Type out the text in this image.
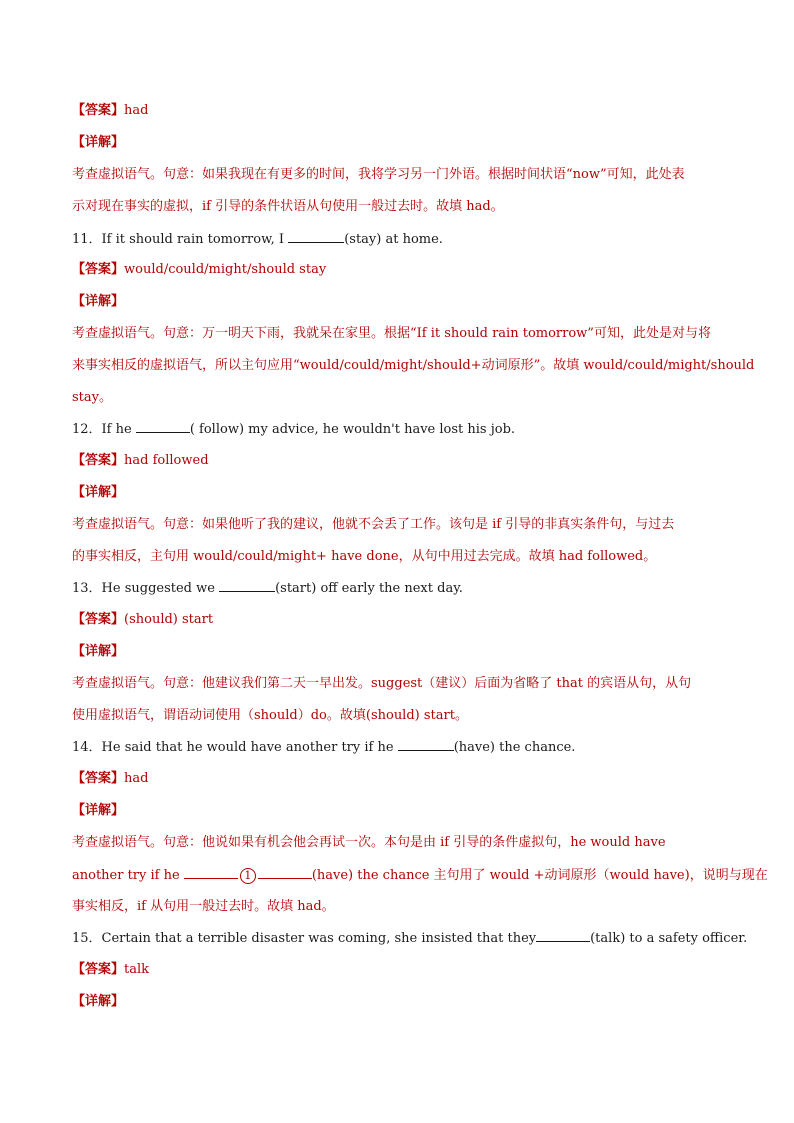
【答案】had
【详解】
考查虚拟语气。句意：如果我现在有更多的时间，我将学习另一门外语。根据时间状语“now”可知，此处表
示对现在事实的虚拟，if 引导的条件状语从句使用一般过去时。故填 had。
11．If it should rain tomorrow, I	(stay) at home.
【答案】would/could/might/should stay
【详解】
考查虚拟语气。句意：万一明天下雨，我就呆在家里。根据“If it should rain tomorrow”可知，此处是对与将
来事实相反的虚拟语气，所以主句应用“would/could/might/should+动词原形”。故填 would/could/might/should
stay。
12．If he	( follow) my advice, he wouldn't have lost his job.
【答案】had followed
【详解】
考查虚拟语气。句意：如果他听了我的建议，他就不会丢了工作。该句是 if 引导的非真实条件句，与过去
的事实相反，主句用 would/could/might+ have done，从句中用过去完成。故填 had followed。
13．He suggested we	(start) off early the next day.
【答案】(should) start
【详解】
考查虚拟语气。句意：他建议我们第二天一早出发。suggest（建议）后面为省略了 that 的宾语从句，从句
使用虚拟语气，谓语动词使用（should）do。故填(should) start。
14．He said that he would have another try if he	(have) the chance.
【答案】had
【详解】
考查虚拟语气。句意：他说如果有机会他会再试一次。本句是由 if 引导的条件虚拟句，he would have
another try if he	1	(have) the chance 主句用了 would +动词原形（would have)，说明与现在
事实相反，if 从句用一般过去时。故填 had。
15．Certain that a terrible disaster was coming, she insisted that they	(talk) to a safety officer.
【答案】talk
【详解】
